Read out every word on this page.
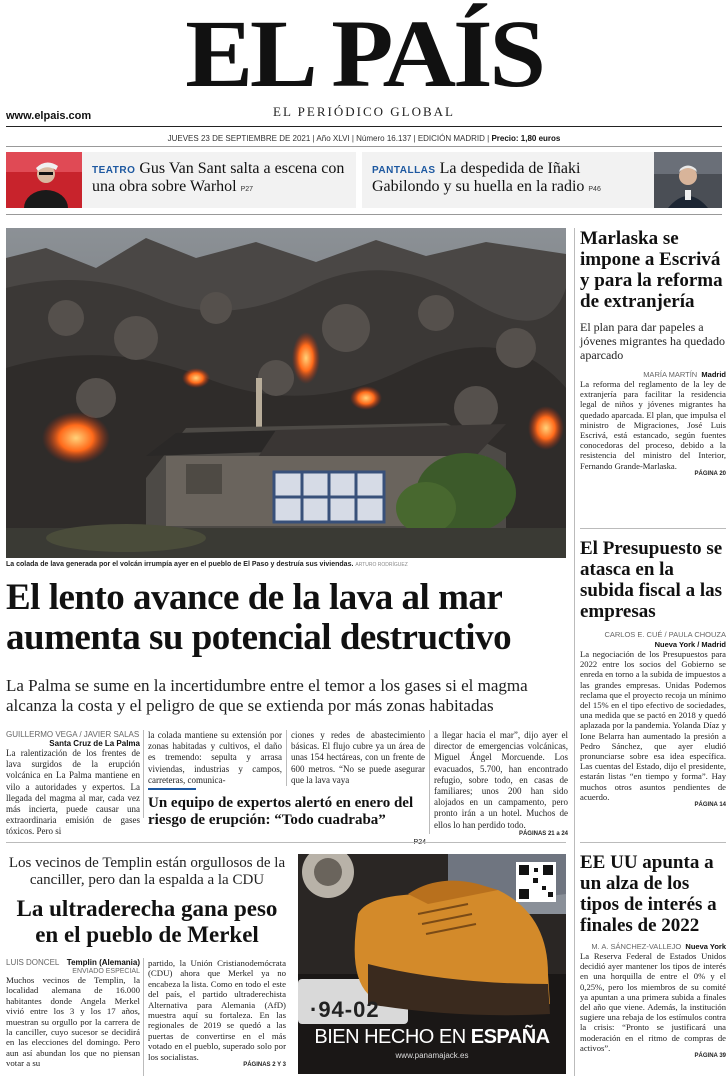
EL PAÍS
EL PERIÓDICO GLOBAL
www.elpais.com
JUEVES 23 DE SEPTIEMBRE DE 2021 | Año XLVI | Número 16.137 | EDICIÓN MADRID | Precio: 1,80 euros
TEATRO Gus Van Sant salta a escena con una obra sobre Warhol P27
PANTALLAS La despedida de Iñaki Gabilondo y su huella en la radio P46
La colada de lava generada por el volcán irrumpía ayer en el pueblo de El Paso y destruía sus viviendas. ARTURO RODRÍGUEZ
El lento avance de la lava al mar aumenta su potencial destructivo
La Palma se sume en la incertidumbre entre el temor a los gases si el magma alcanza la costa y el peligro de que se extienda por más zonas habitadas
GUILLERMO VEGA / JAVIER SALAS
Santa Cruz de La Palma
La ralentización de los frentes de lava surgidos de la erupción volcánica en La Palma mantiene en vilo a autoridades y expertos. La llegada del magma al mar, cada vez más incierta, puede causar una extraordinaria emisión de gases tóxicos. Pero si
la colada mantiene su extensión por zonas habitadas y cultivos, el daño es tremendo: sepulta y arrasa viviendas, industrias y campos, carreteras, comunica-
ciones y redes de abastecimiento básicas. El flujo cubre ya un área de unas 154 hectáreas, con un frente de 600 metros. “No se puede asegurar que la lava vaya
a llegar hacia el mar”, dijo ayer el director de emergencias volcánicas, Miguel Ángel Morcuende. Los evacuados, 5.700, han encontrado refugio, sobre todo, en casas de familiares; unos 200 han sido alojados en un campamento, pero pronto irán a un hotel. Muchos de ellos lo han perdido todo.
PÁGINAS 21 a 24
Un equipo de expertos alertó en enero del riesgo de erupción: “Todo cuadraba”
Los vecinos de Templin están orgullosos de la canciller, pero dan la espalda a la CDU
La ultraderecha gana peso en el pueblo de Merkel
LUIS DONCEL Templin (Alemania)
ENVIADO ESPECIAL
Muchos vecinos de Templin, la localidad alemana de 16.000 habitantes donde Angela Merkel vivió entre los 3 y los 17 años, muestran su orgullo por la carrera de la canciller, cuyo sucesor se decidirá en las elecciones del domingo. Pero aun así abundan los que no piensan votar a su
partido, la Unión Cristianodemócrata (CDU) ahora que Merkel ya no encabeza la lista. Como en todo el este del país, el partido ultraderechista Alternativa para Alemania (AfD) muestra aquí su fortaleza. En las regionales de 2019 se quedó a las puertas de convertirse en el más votado en el pueblo, superado solo por los socialistas.
PÁGINAS 2 Y 3
·94-02
BIEN HECHO EN ESPAÑA
www.panamajack.es
Marlaska se impone a Escrivá y para la reforma de extranjería
El plan para dar papeles a jóvenes migrantes ha quedado aparcado
MARÍA MARTÍN Madrid
La reforma del reglamento de la ley de extranjería para facilitar la residencia legal de niños y jóvenes migrantes ha quedado aparcada. El plan, que impulsa el ministro de Migraciones, José Luis Escrivá, está estancado, según fuentes conocedoras del proceso, debido a la resistencia del ministro del Interior, Fernando Grande-Marlaska.
PÁGINA 20
El Presupuesto se atasca en la subida fiscal a las empresas
CARLOS E. CUÉ / PAULA CHOUZA
Nueva York / Madrid
La negociación de los Presupuestos para 2022 entre los socios del Gobierno se enreda en torno a la subida de impuestos a las grandes empresas. Unidas Podemos reclama que el proyecto recoja un mínimo del 15% en el tipo efectivo de sociedades, una medida que se pactó en 2018 y quedó aplazada por la pandemia. Yolanda Díaz y Ione Belarra han aumentado la presión a Pedro Sánchez, que ayer eludió pronunciarse sobre esa idea específica. Las cuentas del Estado, dijo el presidente, estarán listas “en tiempo y forma”. Hay muchos otros asuntos pendientes de acuerdo.
PÁGINA 14
EE UU apunta a un alza de los tipos de interés a finales de 2022
M. A. SÁNCHEZ-VALLEJO Nueva York
La Reserva Federal de Estados Unidos decidió ayer mantener los tipos de interés en una horquilla de entre el 0% y el 0,25%, pero los miembros de su comité ya apuntan a una primera subida a finales del año que viene. Además, la institución sugiere una rebaja de los estímulos contra la crisis: “Pronto se justificará una moderación en el ritmo de compras de activos”.
PÁGINA 39
